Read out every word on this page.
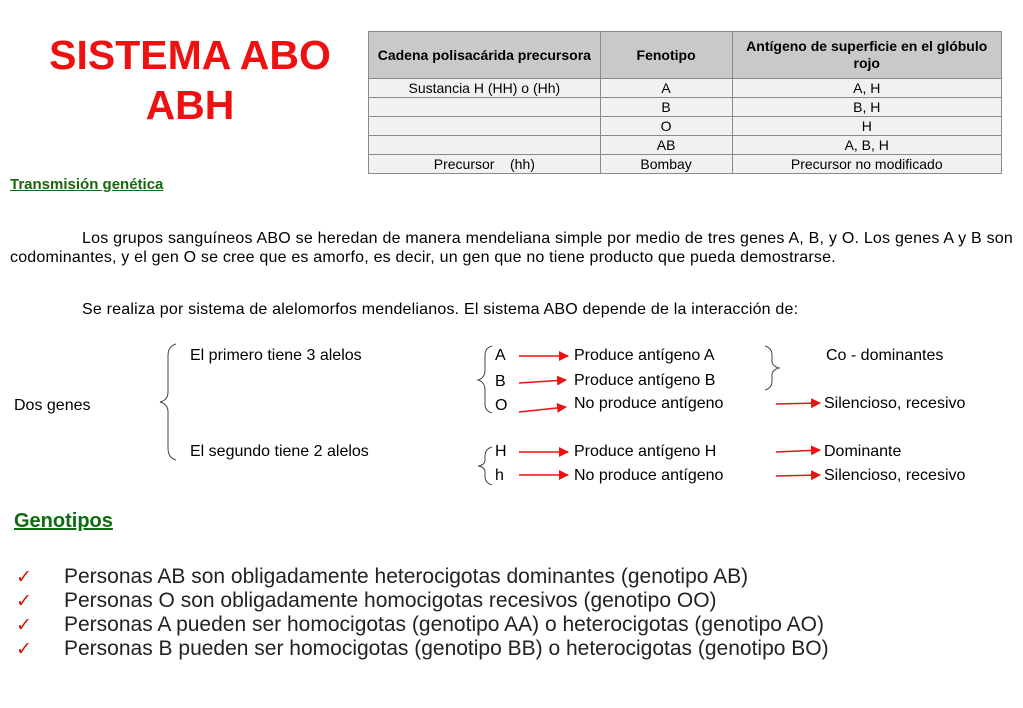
SISTEMA ABO
ABH
Cadena polisacárida precursora	Fenotipo	Antígeno de superficie en el glóbulo rojo
Sustancia H (HH) o (Hh)	A	A, H
	B	B, H
	O	H
	AB	A, B, H
Precursor    (hh)	Bombay	Precursor no modificado
Transmisión genética
Los grupos sanguíneos ABO se heredan de manera mendeliana simple por medio de tres genes A, B, y O. Los genes A y B son codominantes, y el gen O se cree que es amorfo, es decir, un gen que no tiene producto que pueda demostrarse.
Se realiza por sistema de alelomorfos mendelianos. El sistema ABO depende de la interacción de:
Dos genes
El primero tiene 3 alelos
El segundo tiene 2 alelos
A
B
O
Produce antígeno A
Produce antígeno B
No produce antígeno
Co - dominantes
Silencioso, recesivo
H
h
Produce antígeno H
No produce antígeno
Dominante
Silencioso, recesivo
Genotipos
✓ Personas AB son obligadamente heterocigotas dominantes (genotipo AB)
✓ Personas O son obligadamente homocigotas recesivos (genotipo OO)
✓ Personas A pueden ser homocigotas (genotipo AA) o heterocigotas (genotipo AO)
✓ Personas B pueden ser homocigotas (genotipo BB) o heterocigotas (genotipo BO)
